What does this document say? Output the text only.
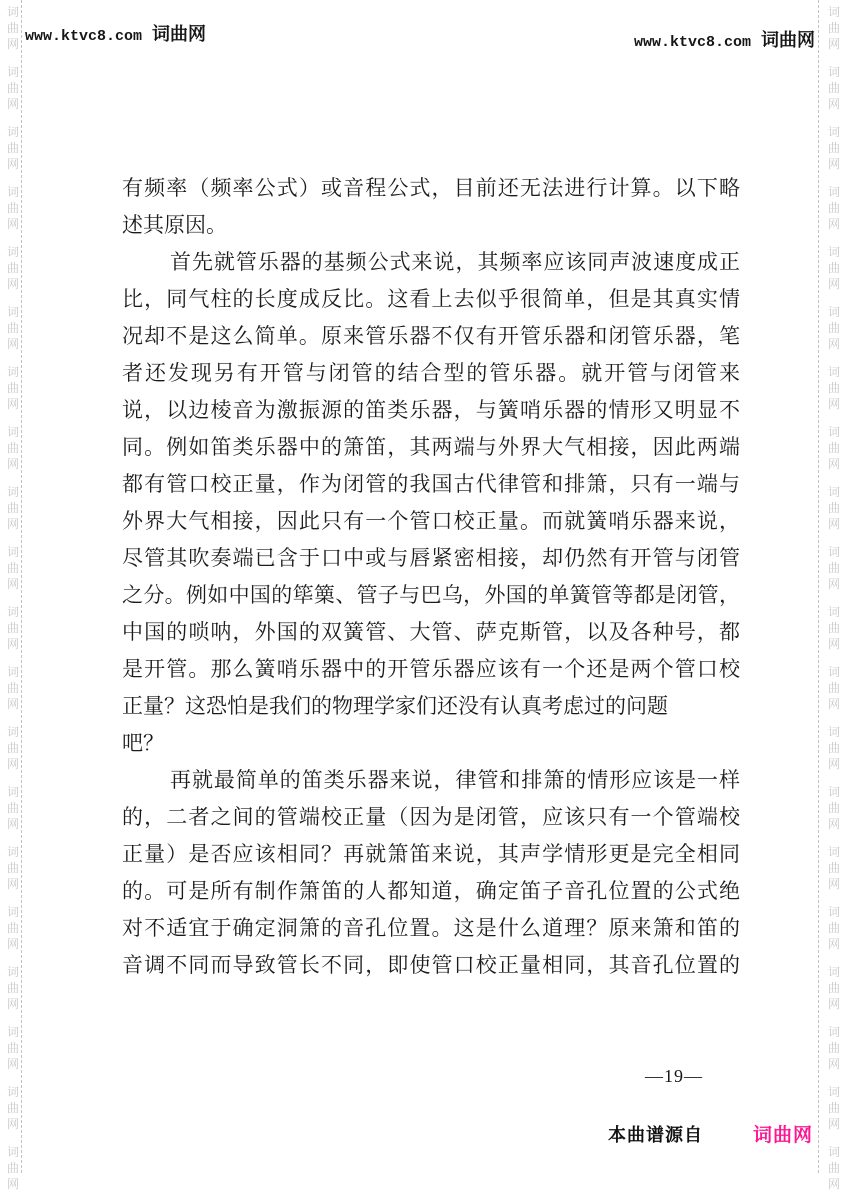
词
曲
网
词
曲
网
词
曲
网
词
曲
网
词
曲
网
词
曲
网
词
曲
网
词
曲
网
词
曲
网
词
曲
网
词
曲
网
词
曲
网
词
曲
网
词
曲
网
词
曲
网
词
曲
网
词
曲
网
词
曲
网
词
曲
网
词
曲
网
词
曲
网
词
曲
网
词
曲
网
词
曲
网
词
曲
网
词
曲
网
词
曲
网
词
曲
网
词
曲
网
词
曲
网
词
曲
网
词
曲
网
词
曲
网
词
曲
网
词
曲
网
词
曲
网
词
曲
网
词
曲
网
词
曲
网
词
曲
网
www.ktvc8.com 词曲网	www.ktvc8.com 词曲网
有频率（频率公式）或音程公式，目前还无法进行计算。以下略
述其原因。
首先就管乐器的基频公式来说，其频率应该同声波速度成正
比，同气柱的长度成反比。这看上去似乎很简单，但是其真实情
况却不是这么简单。原来管乐器不仅有开管乐器和闭管乐器，笔
者还发现另有开管与闭管的结合型的管乐器。就开管与闭管来
说，以边棱音为激振源的笛类乐器，与簧哨乐器的情形又明显不
同。例如笛类乐器中的箫笛，其两端与外界大气相接，因此两端
都有管口校正量，作为闭管的我国古代律管和排箫，只有一端与
外界大气相接，因此只有一个管口校正量。而就簧哨乐器来说，
尽管其吹奏端已含于口中或与唇紧密相接，却仍然有开管与闭管
之分。例如中国的筚篥、管子与巴乌，外国的单簧管等都是闭管，
中国的唢呐，外国的双簧管、大管、萨克斯管，以及各种号，都
是开管。那么簧哨乐器中的开管乐器应该有一个还是两个管口校
正量？这恐怕是我们的物理学家们还没有认真考虑过的问题
吧？
再就最简单的笛类乐器来说，律管和排箫的情形应该是一样
的，二者之间的管端校正量（因为是闭管，应该只有一个管端校
正量）是否应该相同？再就箫笛来说，其声学情形更是完全相同
的。可是所有制作箫笛的人都知道，确定笛子音孔位置的公式绝
对不适宜于确定洞箫的音孔位置。这是什么道理？原来箫和笛的
音调不同而导致管长不同，即使管口校正量相同，其音孔位置的
—19—
本曲谱源自	词曲网
